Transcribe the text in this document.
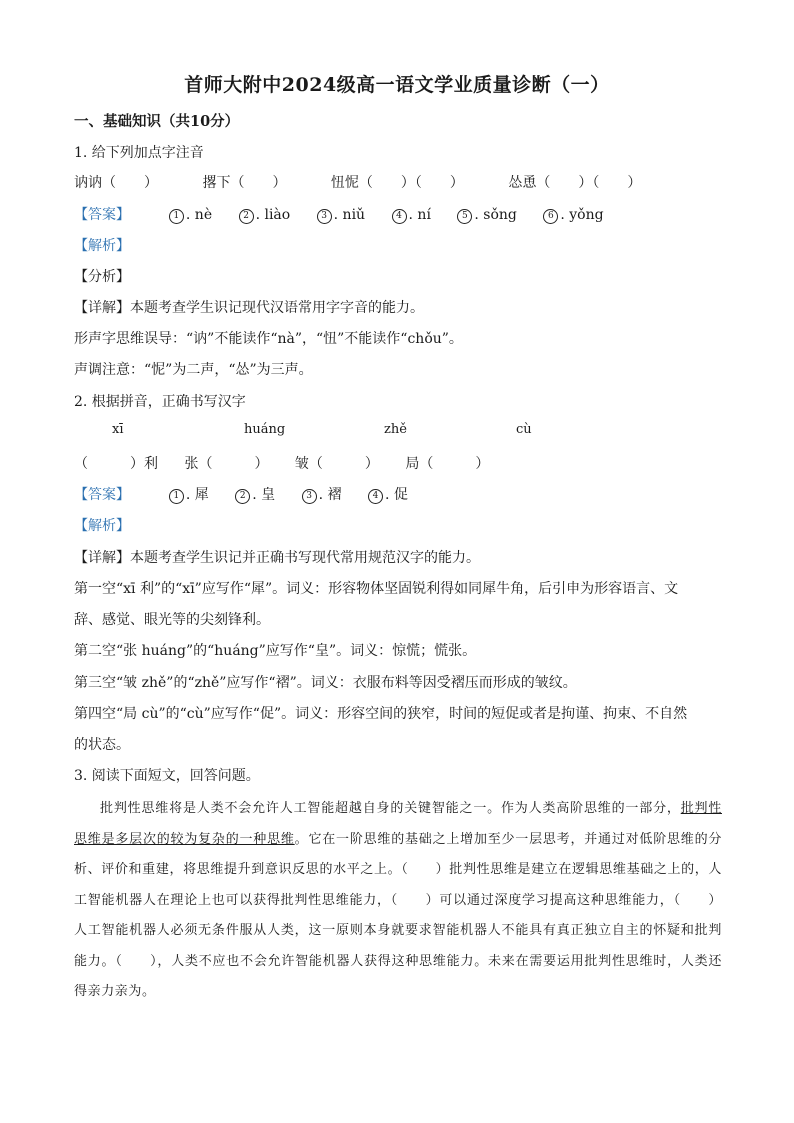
首师大附中2024级高一语文学业质量诊断（一）
一、基础知识（共10分）
1. 给下列加点字注音
讷讷（　　）	撂下（　　）	忸怩（　　）（　　）	怂恿（　　）（　　）
【答案】	1 . nè	2 . liào	3 . niǔ	4 . ní	5 . sǒng	6 . yǒng
【解析】
【分析】
【详解】本题考查学生识记现代汉语常用字字音的能力。
形声字思维误导：“讷”不能读作“nà”，“忸”不能读作“chǒu”。
声调注意：“怩”为二声，“怂”为三声。
2. 根据拼音，正确书写汉字
xī	huáng	zhě	cù
（　　　）利 张（　　　） 皱（　　　） 局（　　　）
【答案】	1 . 犀	2 . 皇	3 . 褶	4 . 促
【解析】
【详解】本题考查学生识记并正确书写现代常用规范汉字的能力。
第一空“xī 利”的“xī”应写作“犀”。词义：形容物体坚固锐利得如同犀牛角，后引申为形容语言、文
辞、感觉、眼光等的尖刻锋利。
第二空“张 huáng”的“huáng”应写作“皇”。词义：惊慌；慌张。
第三空“皱 zhě”的“zhě”应写作“褶”。词义：衣服布料等因受褶压而形成的皱纹。
第四空“局 cù”的“cù”应写作“促”。词义：形容空间的狭窄，时间的短促或者是拘谨、拘束、不自然
的状态。
3. 阅读下面短文，回答问题。

批判性思维将是人类不会允许人工智能超越自身的关键智能之一。作为人类高阶思维的一部分，批判性思维是多层次的较为复杂的一种思维。它在一阶思维的基础之上增加至少一层思考，并通过对低阶思维的分析、评价和重建，将思维提升到意识反思的水平之上。（　　）批判性思维是建立在逻辑思维基础之上的，人工智能机器人在理论上也可以获得批判性思维能力，（　　）可以通过深度学习提高这种思维能力，（　　）人工智能机器人必须无条件服从人类，这一原则本身就要求智能机器人不能具有真正独立自主的怀疑和批判能力。（　　），人类不应也不会允许智能机器人获得这种思维能力。未来在需要运用批判性思维时，人类还得亲力亲为。
